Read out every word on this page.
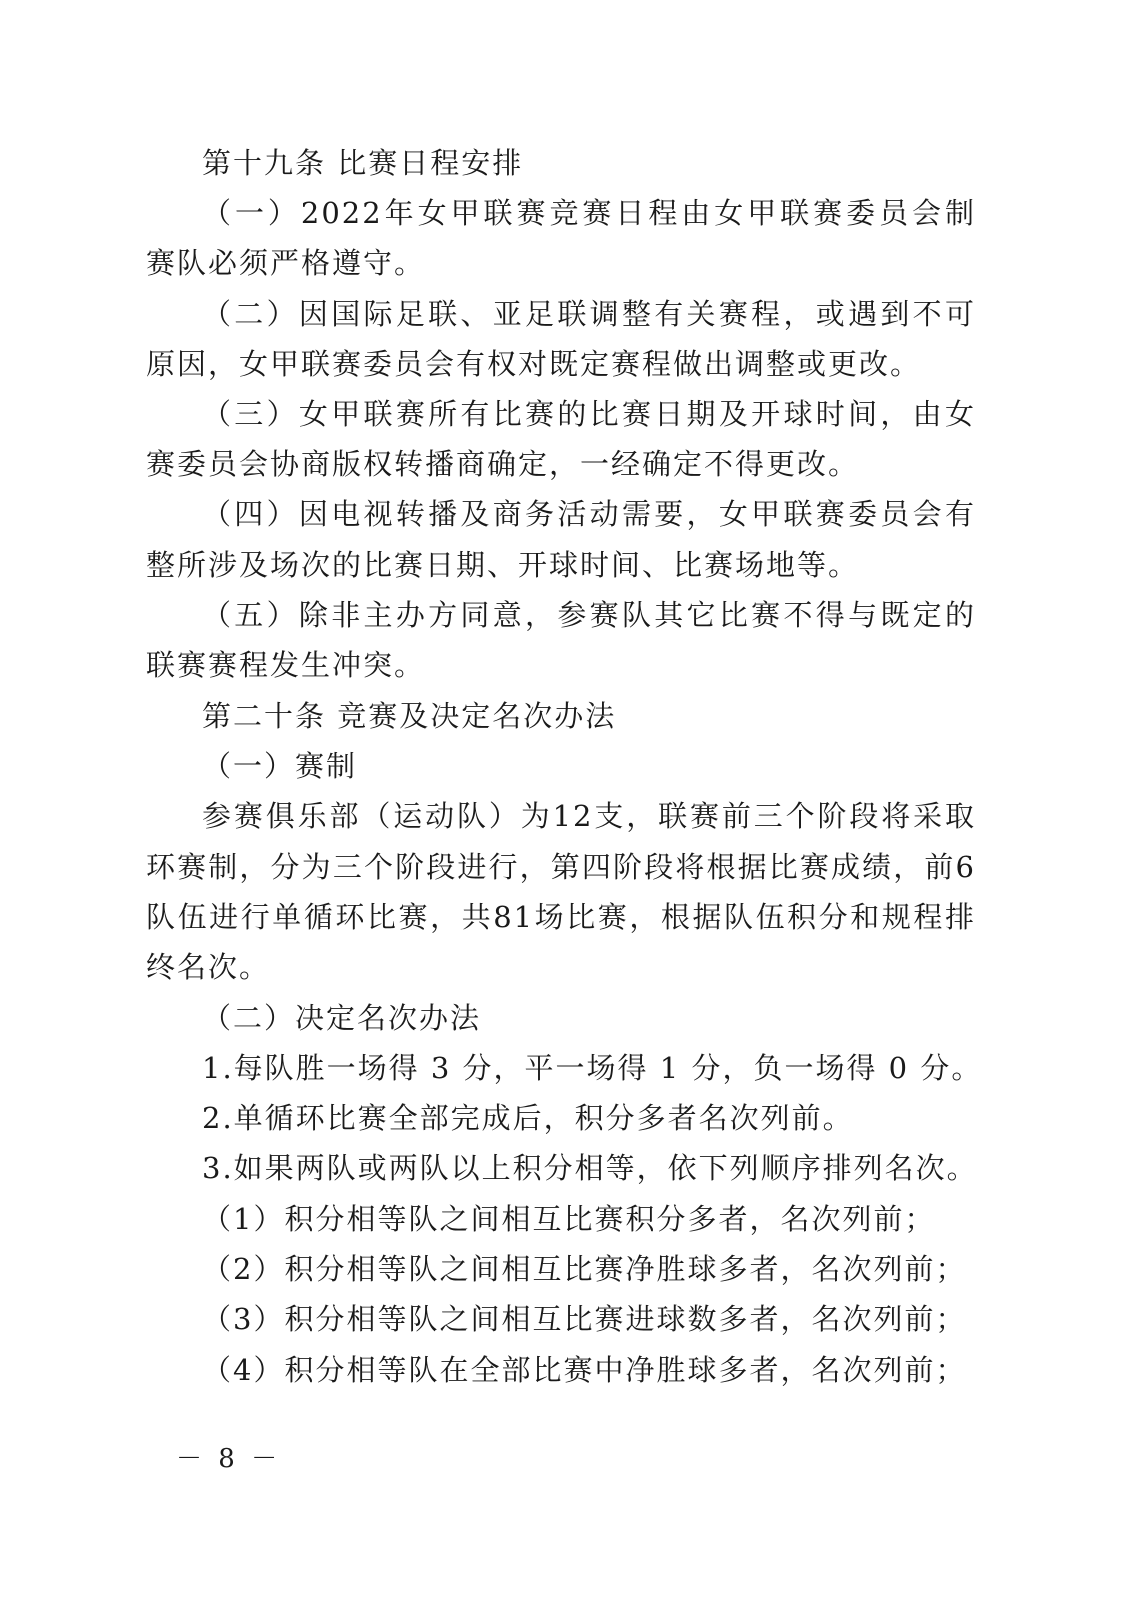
第十九条 比赛日程安排
（一）2022年女甲联赛竞赛日程由女甲联赛委员会制
赛队必须严格遵守。
（二）因国际足联、亚足联调整有关赛程，或遇到不可
原因，女甲联赛委员会有权对既定赛程做出调整或更改。
（三）女甲联赛所有比赛的比赛日期及开球时间，由女
赛委员会协商版权转播商确定，一经确定不得更改。
（四）因电视转播及商务活动需要，女甲联赛委员会有
整所涉及场次的比赛日期、开球时间、比赛场地等。
（五）除非主办方同意，参赛队其它比赛不得与既定的
联赛赛程发生冲突。
第二十条 竞赛及决定名次办法
（一）赛制
参赛俱乐部（运动队）为12支，联赛前三个阶段将采取
环赛制，分为三个阶段进行，第四阶段将根据比赛成绩，前6
队伍进行单循环比赛，共81场比赛，根据队伍积分和规程排
终名次。
（二）决定名次办法
1.每队胜一场得 3 分，平一场得 1 分，负一场得 0 分。
2.单循环比赛全部完成后，积分多者名次列前。
3.如果两队或两队以上积分相等，依下列顺序排列名次。
（1）积分相等队之间相互比赛积分多者，名次列前；
（2）积分相等队之间相互比赛净胜球多者，名次列前；
（3）积分相等队之间相互比赛进球数多者，名次列前；
（4）积分相等队在全部比赛中净胜球多者，名次列前；
－ 8 －
